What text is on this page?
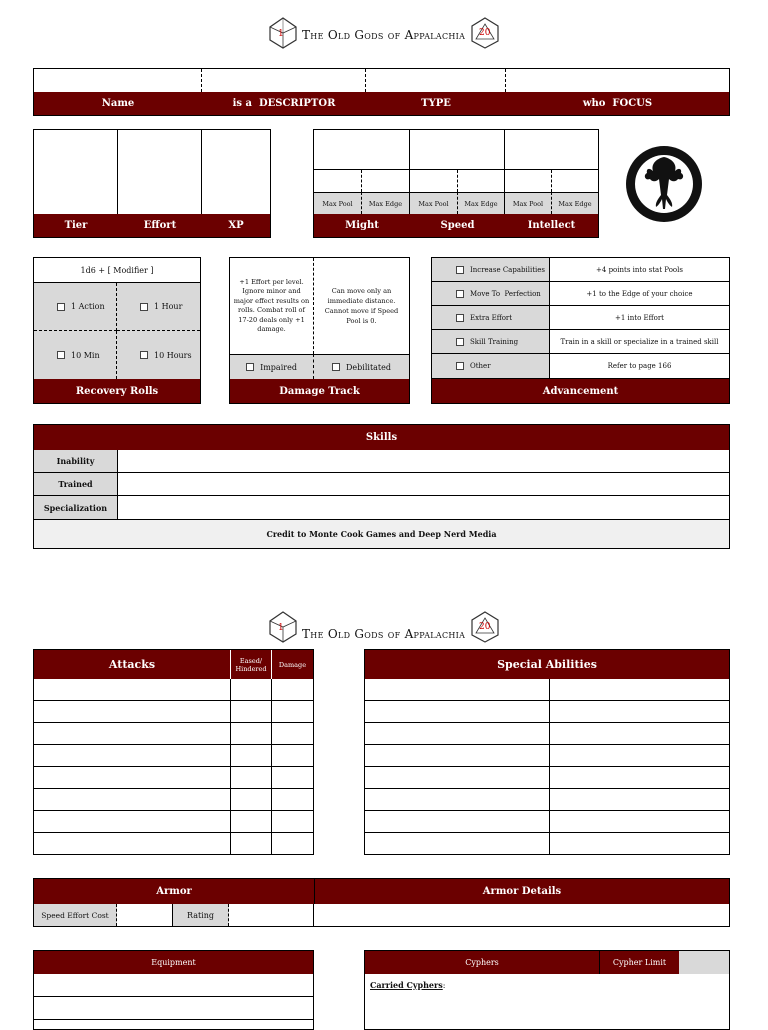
1 The Old Gods of Appalachia 20
Name	is a  DESCRIPTOR	TYPE	who  FOCUS
Tier	Effort	XP
Max Pool	Max Edge	Max Pool	Max Edge	Max Pool	Max Edge
Might	Speed	Intellect
1d6 + [ Modifier ]
1 Action	1 Hour
10 Min	10 Hours
Recovery Rolls
+1 Effort per level. Ignore minor and major effect results on rolls. Combat roll of 17-20 deals only +1 damage.
Can move only an immediate distance. Cannot move if Speed Pool is 0.
Impaired	Debilitated
Damage Track
Increase Capabilities	+4 points into stat Pools
Move To  Perfection	+1 to the Edge of your choice
Extra Effort	+1 into Effort
Skill Training	Train in a skill or specialize in a trained skill
Other	Refer to page 166
Advancement
Skills
Inability
Trained
Specialization
Credit to Monte Cook Games and Deep Nerd Media
1 The Old Gods of Appalachia 20
Attacks	Eased/ Hindered	Damage	Special Abilities
Armor	Armor Details
Speed Effort Cost	Rating
Equipment	Cyphers	Cypher Limit
Carried Cyphers:
